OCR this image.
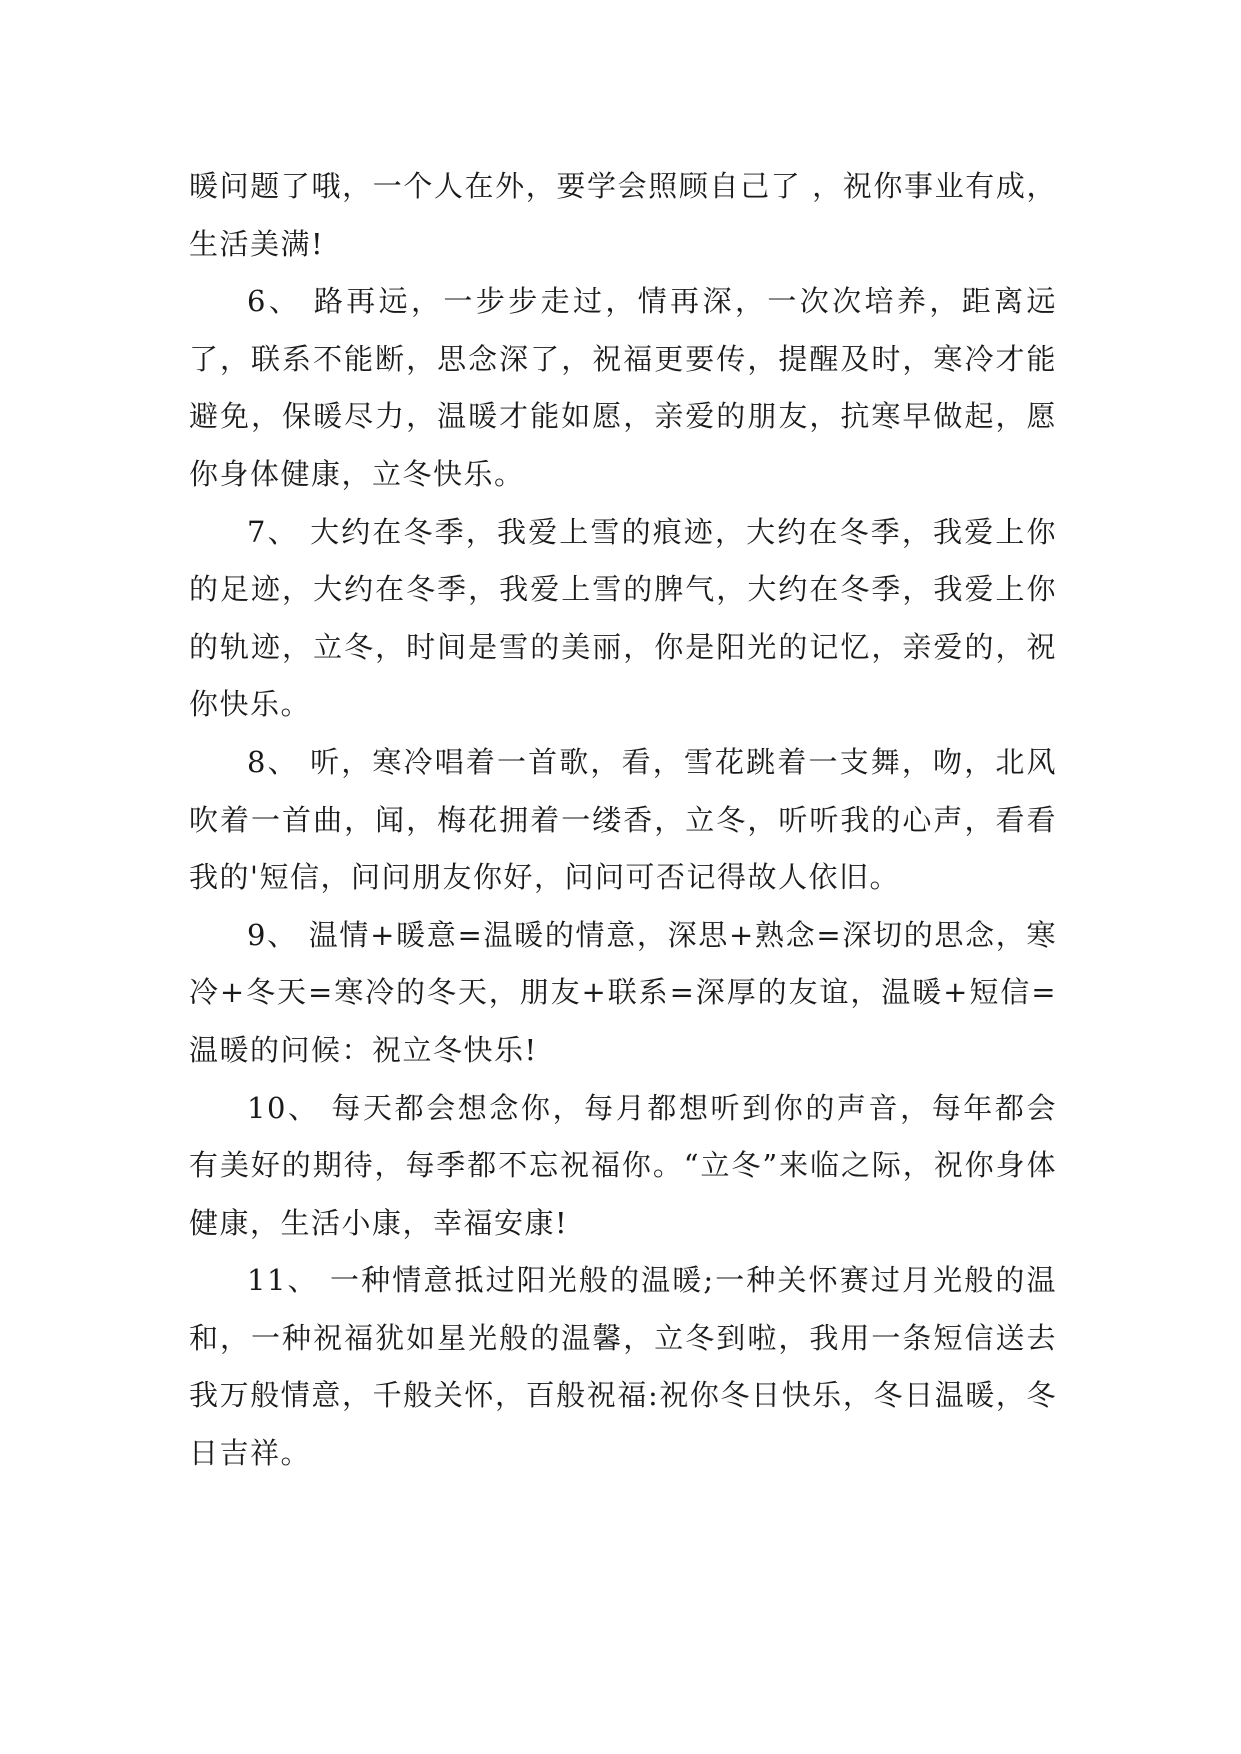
暖问题了哦，一个人在外，要学会照顾自己了 ，祝你事业有成，生活美满!

6、 路再远，一步步走过，情再深，一次次培养，距离远了，联系不能断，思念深了，祝福更要传，提醒及时，寒冷才能避免，保暖尽力，温暖才能如愿，亲爱的朋友，抗寒早做起，愿你身体健康，立冬快乐。

7、 大约在冬季，我爱上雪的痕迹，大约在冬季，我爱上你的足迹，大约在冬季，我爱上雪的脾气，大约在冬季，我爱上你的轨迹，立冬，时间是雪的美丽，你是阳光的记忆，亲爱的，祝你快乐。

8、 听，寒冷唱着一首歌，看，雪花跳着一支舞，吻，北风吹着一首曲，闻，梅花拥着一缕香，立冬，听听我的心声，看看我的'短信，问问朋友你好，问问可否记得故人依旧。

9、 温情+暖意=温暖的情意，深思+熟念=深切的思念，寒冷+冬天=寒冷的冬天，朋友+联系=深厚的友谊，温暖+短信=温暖的问候：祝立冬快乐!

10、 每天都会想念你，每月都想听到你的声音，每年都会有美好的期待，每季都不忘祝福你。“立冬”来临之际，祝你身体健康，生活小康，幸福安康!

11、 一种情意抵过阳光般的温暖;一种关怀赛过月光般的温和，一种祝福犹如星光般的温馨，立冬到啦，我用一条短信送去我万般情意，千般关怀，百般祝福:祝你冬日快乐，冬日温暖，冬日吉祥。
